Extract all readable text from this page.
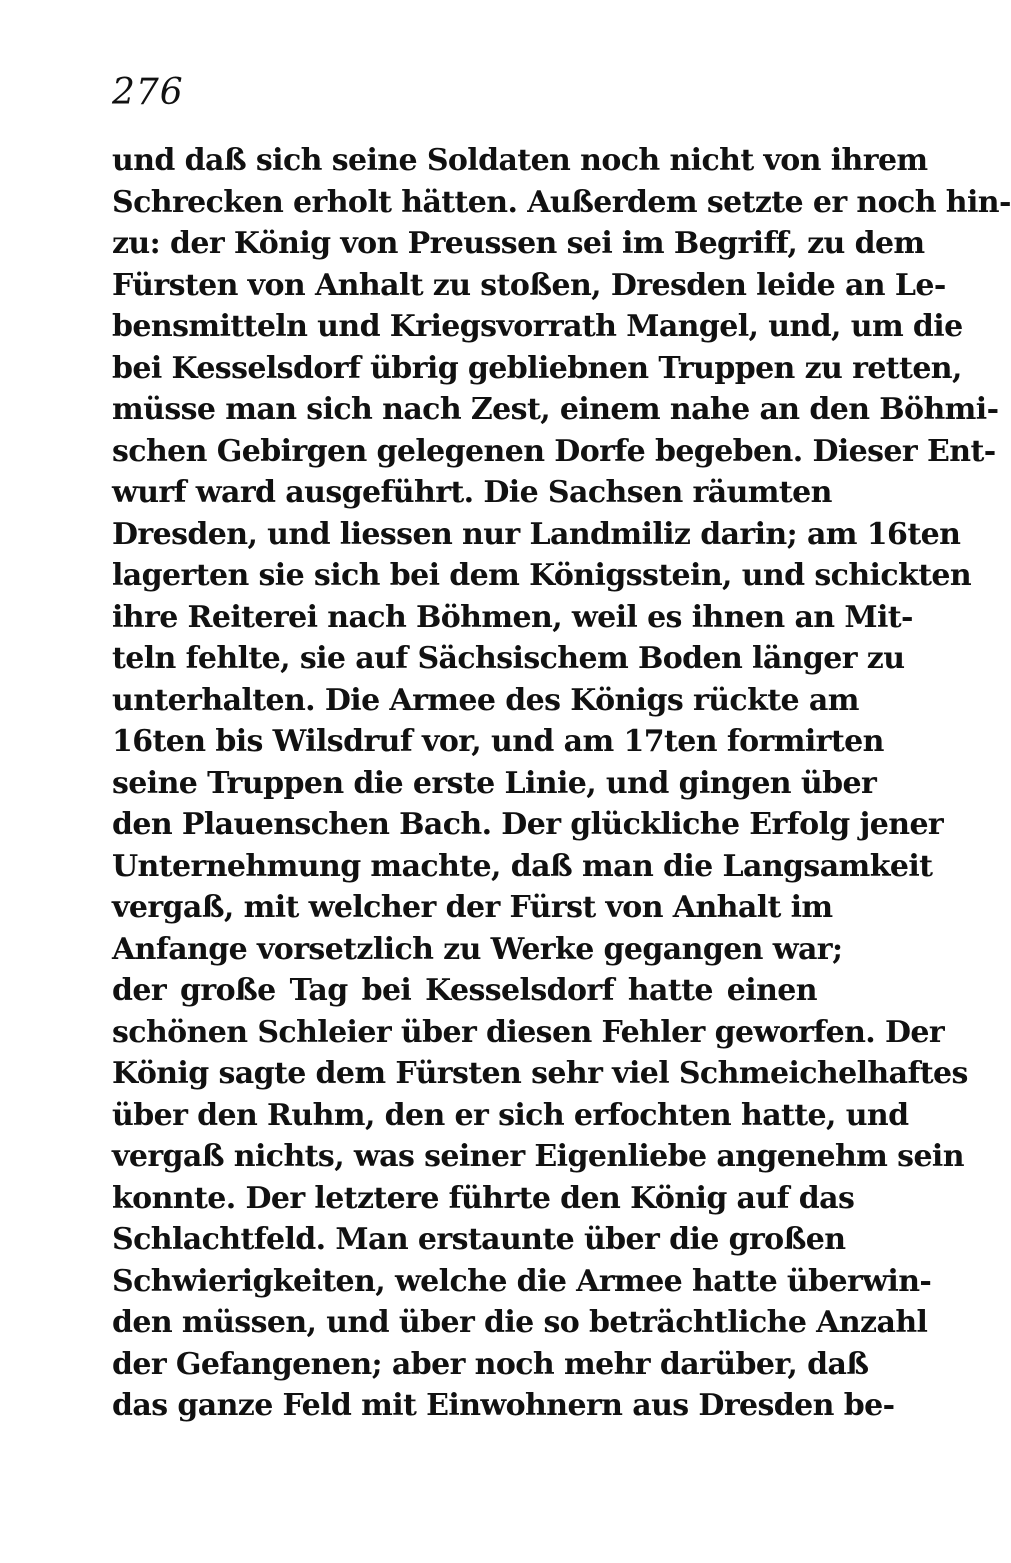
276
und daß sich seine Soldaten noch nicht von ihrem
Schrecken erholt hätten. Außerdem setzte er noch hin-
zu: der König von Preussen sei im Begriff, zu dem
Fürsten von Anhalt zu stoßen, Dresden leide an Le-
bensmitteln und Kriegsvorrath Mangel, und, um die
bei Kesselsdorf übrig gebliebnen Truppen zu retten,
müsse man sich nach Zest, einem nahe an den Böhmi-
schen Gebirgen gelegenen Dorfe begeben. Dieser Ent-
wurf ward ausgeführt. Die Sachsen räumten
Dresden, und liessen nur Landmiliz darin; am 16ten
lagerten sie sich bei dem Königsstein, und schickten
ihre Reiterei nach Böhmen, weil es ihnen an Mit-
teln fehlte, sie auf Sächsischem Boden länger zu
unterhalten. Die Armee des Königs rückte am
16ten bis Wilsdruf vor, und am 17ten formirten
seine Truppen die erste Linie, und gingen über
den Plauenschen Bach. Der glückliche Erfolg jener
Unternehmung machte, daß man die Langsamkeit
vergaß, mit welcher der Fürst von Anhalt im
Anfange vorsetzlich zu Werke gegangen war;
der große Tag bei Kesselsdorf hatte einen
schönen Schleier über diesen Fehler geworfen. Der
König sagte dem Fürsten sehr viel Schmeichelhaftes
über den Ruhm, den er sich erfochten hatte, und
vergaß nichts, was seiner Eigenliebe angenehm sein
konnte. Der letztere führte den König auf das
Schlachtfeld. Man erstaunte über die großen
Schwierigkeiten, welche die Armee hatte überwin-
den müssen, und über die so beträchtliche Anzahl
der Gefangenen; aber noch mehr darüber, daß
das ganze Feld mit Einwohnern aus Dresden be-
